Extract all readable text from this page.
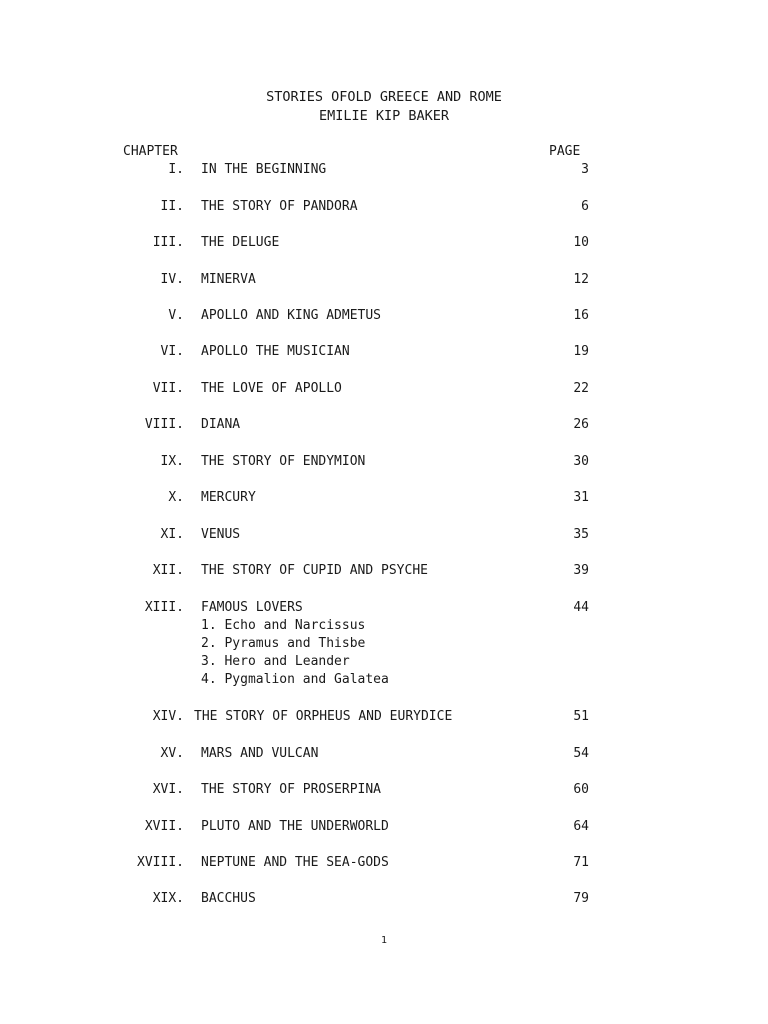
STORIES OFOLD GREECE AND ROME
EMILIE KIP BAKER
CHAPTER	PAGE
I. IN THE BEGINNING	3
II. THE STORY OF PANDORA	6
III. THE DELUGE	10
IV. MINERVA	12
V. APOLLO AND KING ADMETUS	16
VI. APOLLO THE MUSICIAN	19
VII. THE LOVE OF APOLLO	22
VIII. DIANA	26
IX. THE STORY OF ENDYMION	30
X. MERCURY	31
XI. VENUS	35
XII. THE STORY OF CUPID AND PSYCHE	39
XIII. FAMOUS LOVERS	44
1. Echo and Narcissus
2. Pyramus and Thisbe
3. Hero and Leander
4. Pygmalion and Galatea
XIV. THE STORY OF ORPHEUS AND EURYDICE	51
XV. MARS AND VULCAN	54
XVI. THE STORY OF PROSERPINA	60
XVII. PLUTO AND THE UNDERWORLD	64
XVIII. NEPTUNE AND THE SEA-GODS	71
XIX. BACCHUS	79
1
